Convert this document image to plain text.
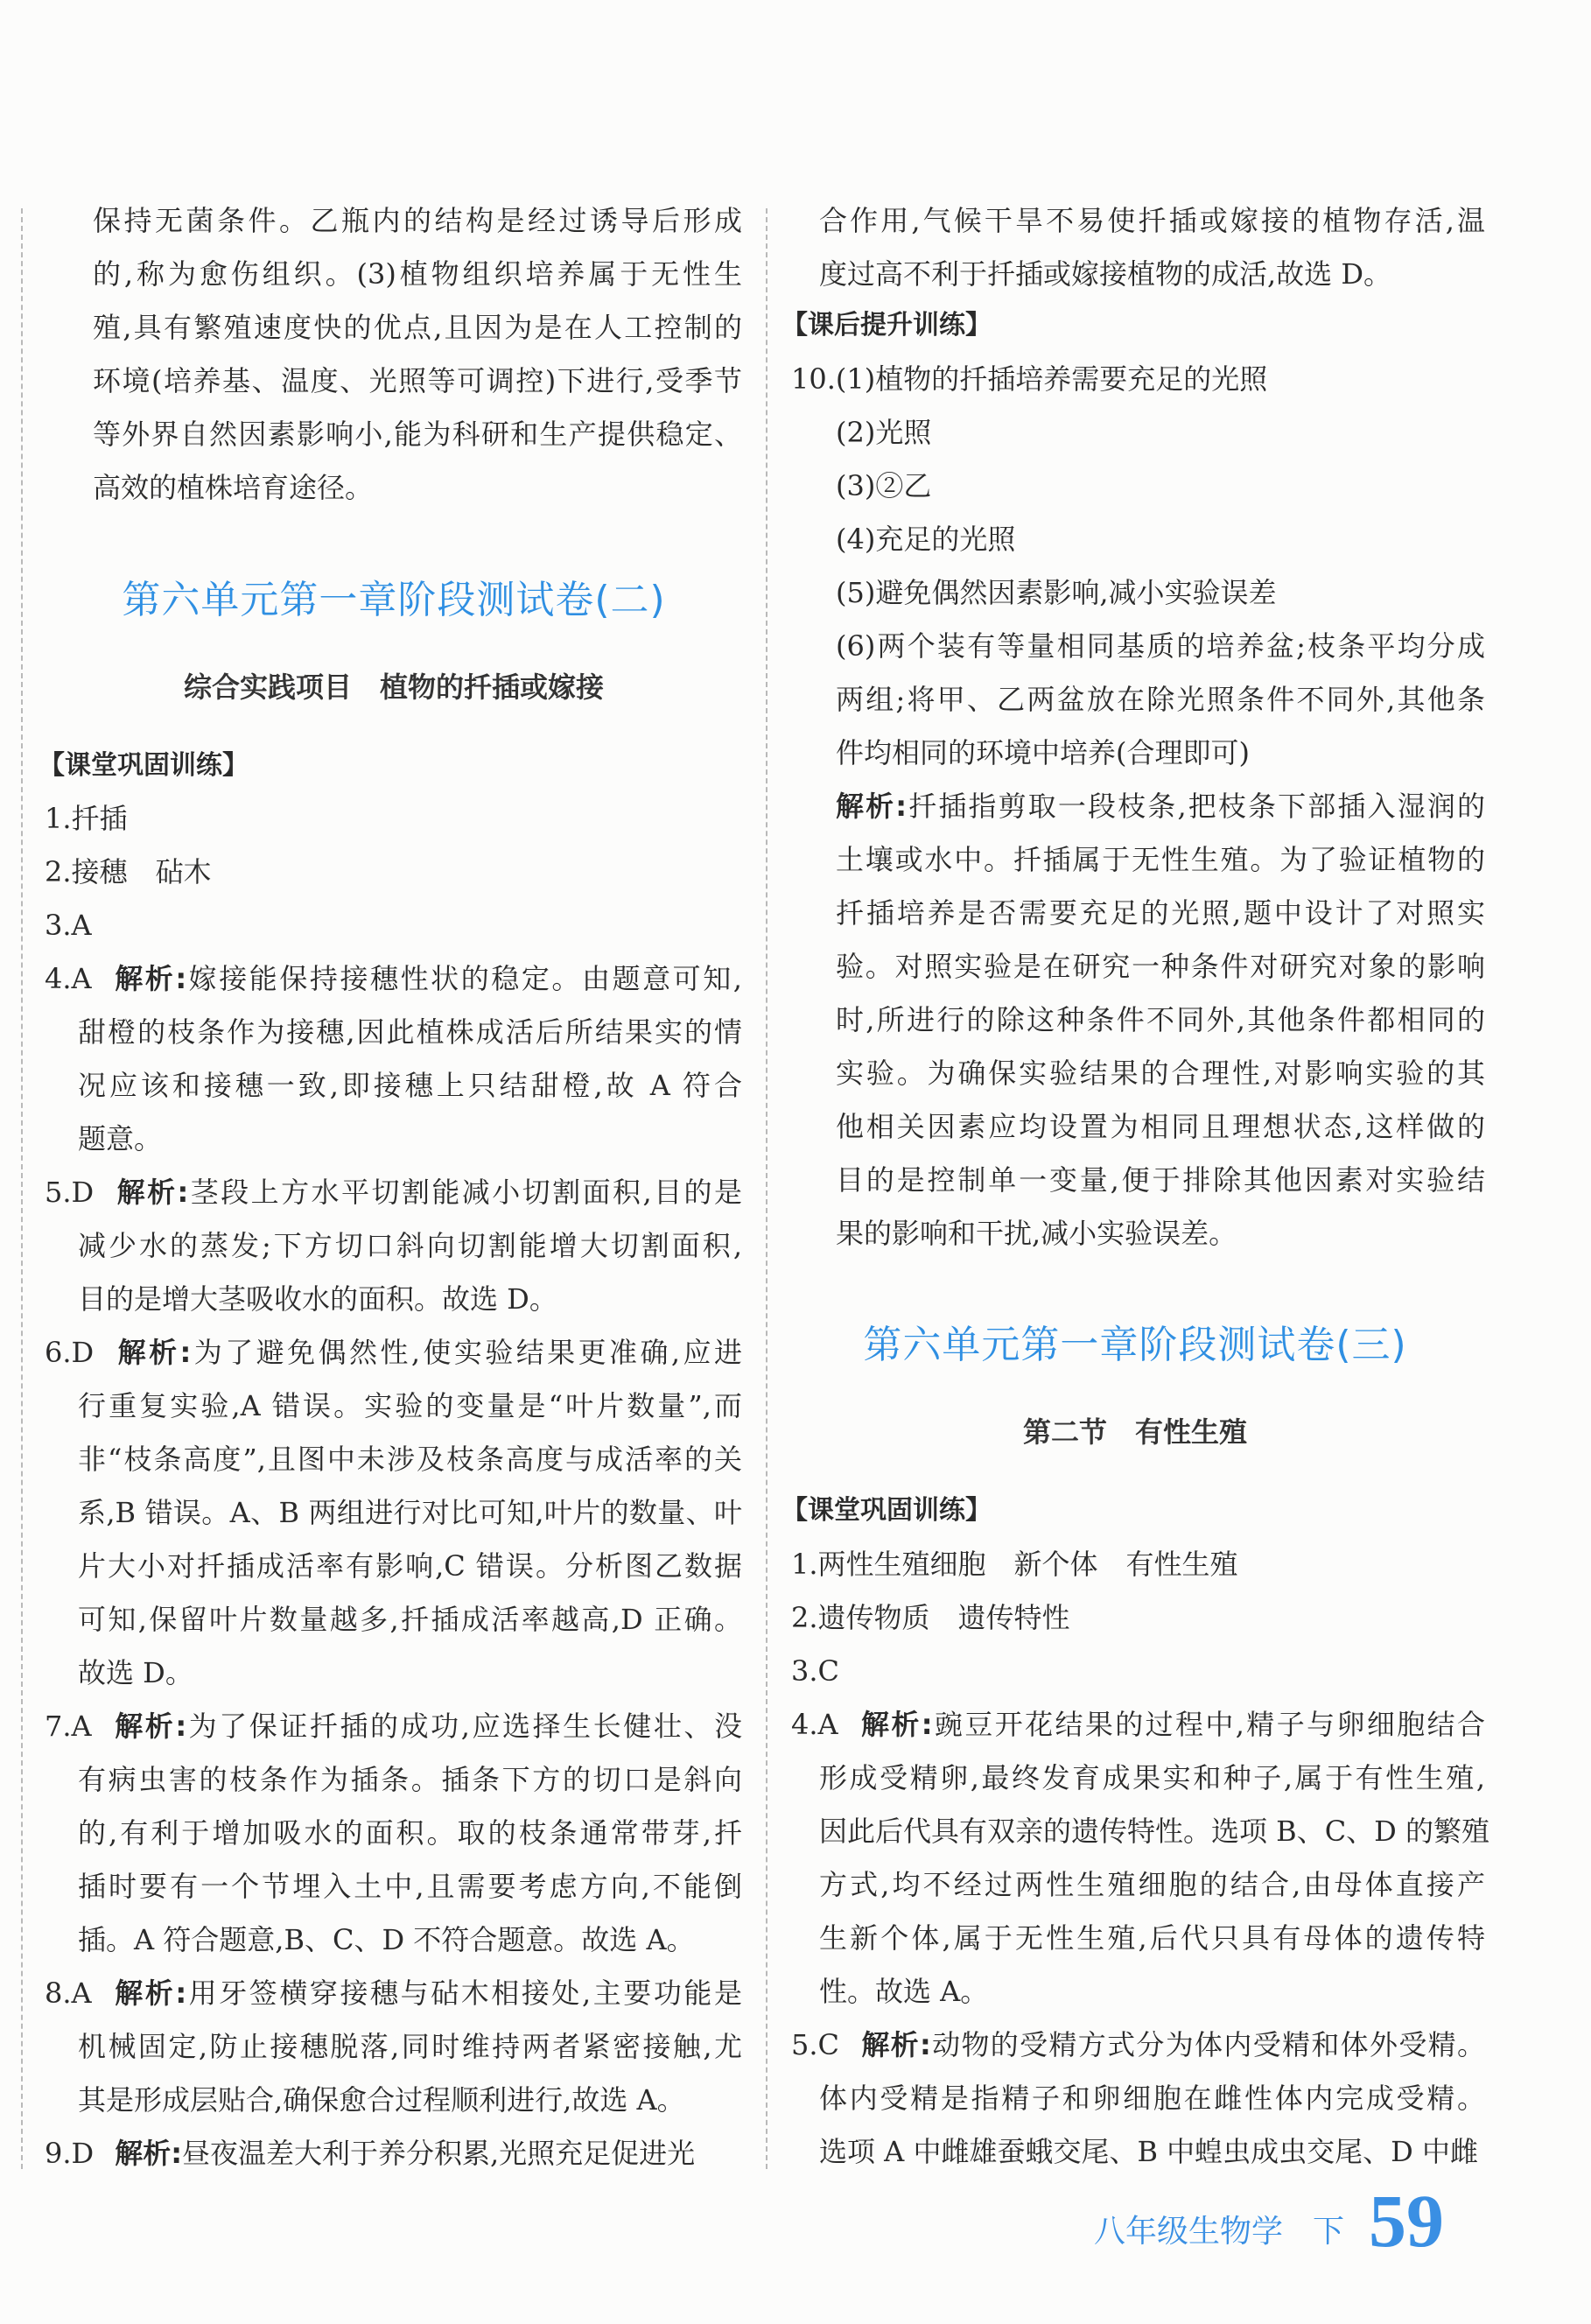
第六单元第一章阶段测试卷(二)
综合实践项目　植物的扦插或嫁接
【课堂巩固训练】
【课后提升训练】
第六单元第一章阶段测试卷(三)
第二节　有性生殖
【课堂巩固训练】
保持无菌条件。乙瓶内的结构是经过诱导后形成
的,称为愈伤组织。(3)植物组织培养属于无性生
殖,具有繁殖速度快的优点,且因为是在人工控制的
环境(培养基、温度、光照等可调控)下进行,受季节
等外界自然因素影响小,能为科研和生产提供稳定、
高效的植株培育途径。
1.扦插
2.接穗　砧木
3.A
4.A 解析:嫁接能保持接穗性状的稳定。由题意可知,
甜橙的枝条作为接穗,因此植株成活后所结果实的情
况应该和接穗一致,即接穗上只结甜橙,故 A 符合
题意。
5.D 解析:茎段上方水平切割能减小切割面积,目的是
减少水的蒸发;下方切口斜向切割能增大切割面积,
目的是增大茎吸收水的面积。故选 D。
6.D 解析:为了避免偶然性,使实验结果更准确,应进
行重复实验,A 错误。实验的变量是“叶片数量”,而
非“枝条高度”,且图中未涉及枝条高度与成活率的关
系,B 错误。A、B 两组进行对比可知,叶片的数量、叶
片大小对扦插成活率有影响,C 错误。分析图乙数据
可知,保留叶片数量越多,扦插成活率越高,D 正确。
故选 D。
7.A 解析:为了保证扦插的成功,应选择生长健壮、没
有病虫害的枝条作为插条。插条下方的切口是斜向
的,有利于增加吸水的面积。取的枝条通常带芽,扦
插时要有一个节埋入土中,且需要考虑方向,不能倒
插。A 符合题意,B、C、D 不符合题意。故选 A。
8.A 解析:用牙签横穿接穗与砧木相接处,主要功能是
机械固定,防止接穗脱落,同时维持两者紧密接触,尤
其是形成层贴合,确保愈合过程顺利进行,故选 A。
9.D 解析:昼夜温差大利于养分积累,光照充足促进光
合作用,气候干旱不易使扦插或嫁接的植物存活,温
度过高不利于扦插或嫁接植物的成活,故选 D。
10.(1)植物的扦插培养需要充足的光照
(2)光照
(3)②乙
(4)充足的光照
(5)避免偶然因素影响,减小实验误差
(6)两个装有等量相同基质的培养盆;枝条平均分成
两组;将甲、乙两盆放在除光照条件不同外,其他条
件均相同的环境中培养(合理即可)
解析:扦插指剪取一段枝条,把枝条下部插入湿润的
土壤或水中。扦插属于无性生殖。为了验证植物的
扦插培养是否需要充足的光照,题中设计了对照实
验。对照实验是在研究一种条件对研究对象的影响
时,所进行的除这种条件不同外,其他条件都相同的
实验。为确保实验结果的合理性,对影响实验的其
他相关因素应均设置为相同且理想状态,这样做的
目的是控制单一变量,便于排除其他因素对实验结
果的影响和干扰,减小实验误差。
1.两性生殖细胞　新个体　有性生殖
2.遗传物质　遗传特性
3.C
4.A 解析:豌豆开花结果的过程中,精子与卵细胞结合
形成受精卵,最终发育成果实和种子,属于有性生殖,
因此后代具有双亲的遗传特性。选项 B、C、D 的繁殖
方式,均不经过两性生殖细胞的结合,由母体直接产
生新个体,属于无性生殖,后代只具有母体的遗传特
性。故选 A。
5.C 解析:动物的受精方式分为体内受精和体外受精。
体内受精是指精子和卵细胞在雌性体内完成受精。
选项 A 中雌雄蚕蛾交尾、B 中蝗虫成虫交尾、D 中雌
八年级生物学 下 59
